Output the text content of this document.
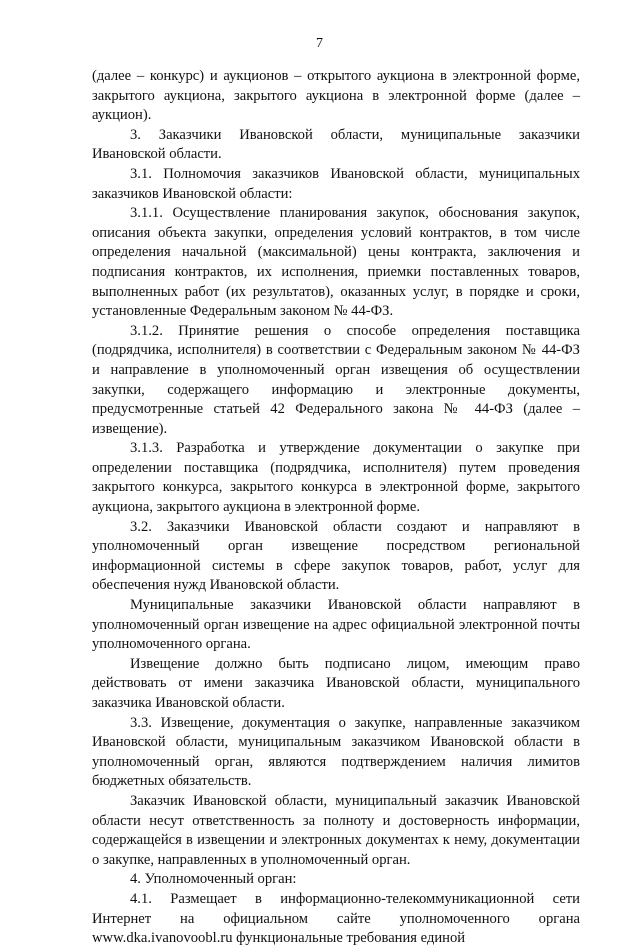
7

(далее – конкурс) и аукционов – открытого аукциона в электронной форме, закрытого аукциона, закрытого аукциона в электронной форме (далее – аукцион).

3. Заказчики Ивановской области, муниципальные заказчики Ивановской области.

3.1. Полномочия заказчиков Ивановской области, муниципальных заказчиков Ивановской области:

3.1.1. Осуществление планирования закупок, обоснования закупок, описания объекта закупки, определения условий контрактов, в том числе определения начальной (максимальной) цены контракта, заключения и подписания контрактов, их исполнения, приемки поставленных товаров, выполненных работ (их результатов), оказанных услуг, в порядке и сроки, установленные Федеральным законом № 44-ФЗ.

3.1.2. Принятие решения о способе определения поставщика (подрядчика, исполнителя) в соответствии с Федеральным законом № 44-ФЗ и направление в уполномоченный орган извещения об осуществлении закупки, содержащего информацию и электронные документы, предусмотренные статьей 42 Федерального закона № 44-ФЗ (далее – извещение).

3.1.3. Разработка и утверждение документации о закупке при определении поставщика (подрядчика, исполнителя) путем проведения закрытого конкурса, закрытого конкурса в электронной форме, закрытого аукциона, закрытого аукциона в электронной форме.

3.2. Заказчики Ивановской области создают и направляют в уполномоченный орган извещение посредством региональной информационной системы в сфере закупок товаров, работ, услуг для обеспечения нужд Ивановской области.

Муниципальные заказчики Ивановской области направляют в уполномоченный орган извещение на адрес официальной электронной почты уполномоченного органа.

Извещение должно быть подписано лицом, имеющим право действовать от имени заказчика Ивановской области, муниципального заказчика Ивановской области.

3.3. Извещение, документация о закупке, направленные заказчиком Ивановской области, муниципальным заказчиком Ивановской области в уполномоченный орган, являются подтверждением наличия лимитов бюджетных обязательств.

Заказчик Ивановской области, муниципальный заказчик Ивановской области несут ответственность за полноту и достоверность информации, содержащейся в извещении и электронных документах к нему, документации о закупке, направленных в уполномоченный орган.

4. Уполномоченный орган:

4.1. Размещает в информационно-телекоммуникационной сети Интернет на официальном сайте уполномоченного органа www.dka.ivanovoobl.ru функциональные требования единой
